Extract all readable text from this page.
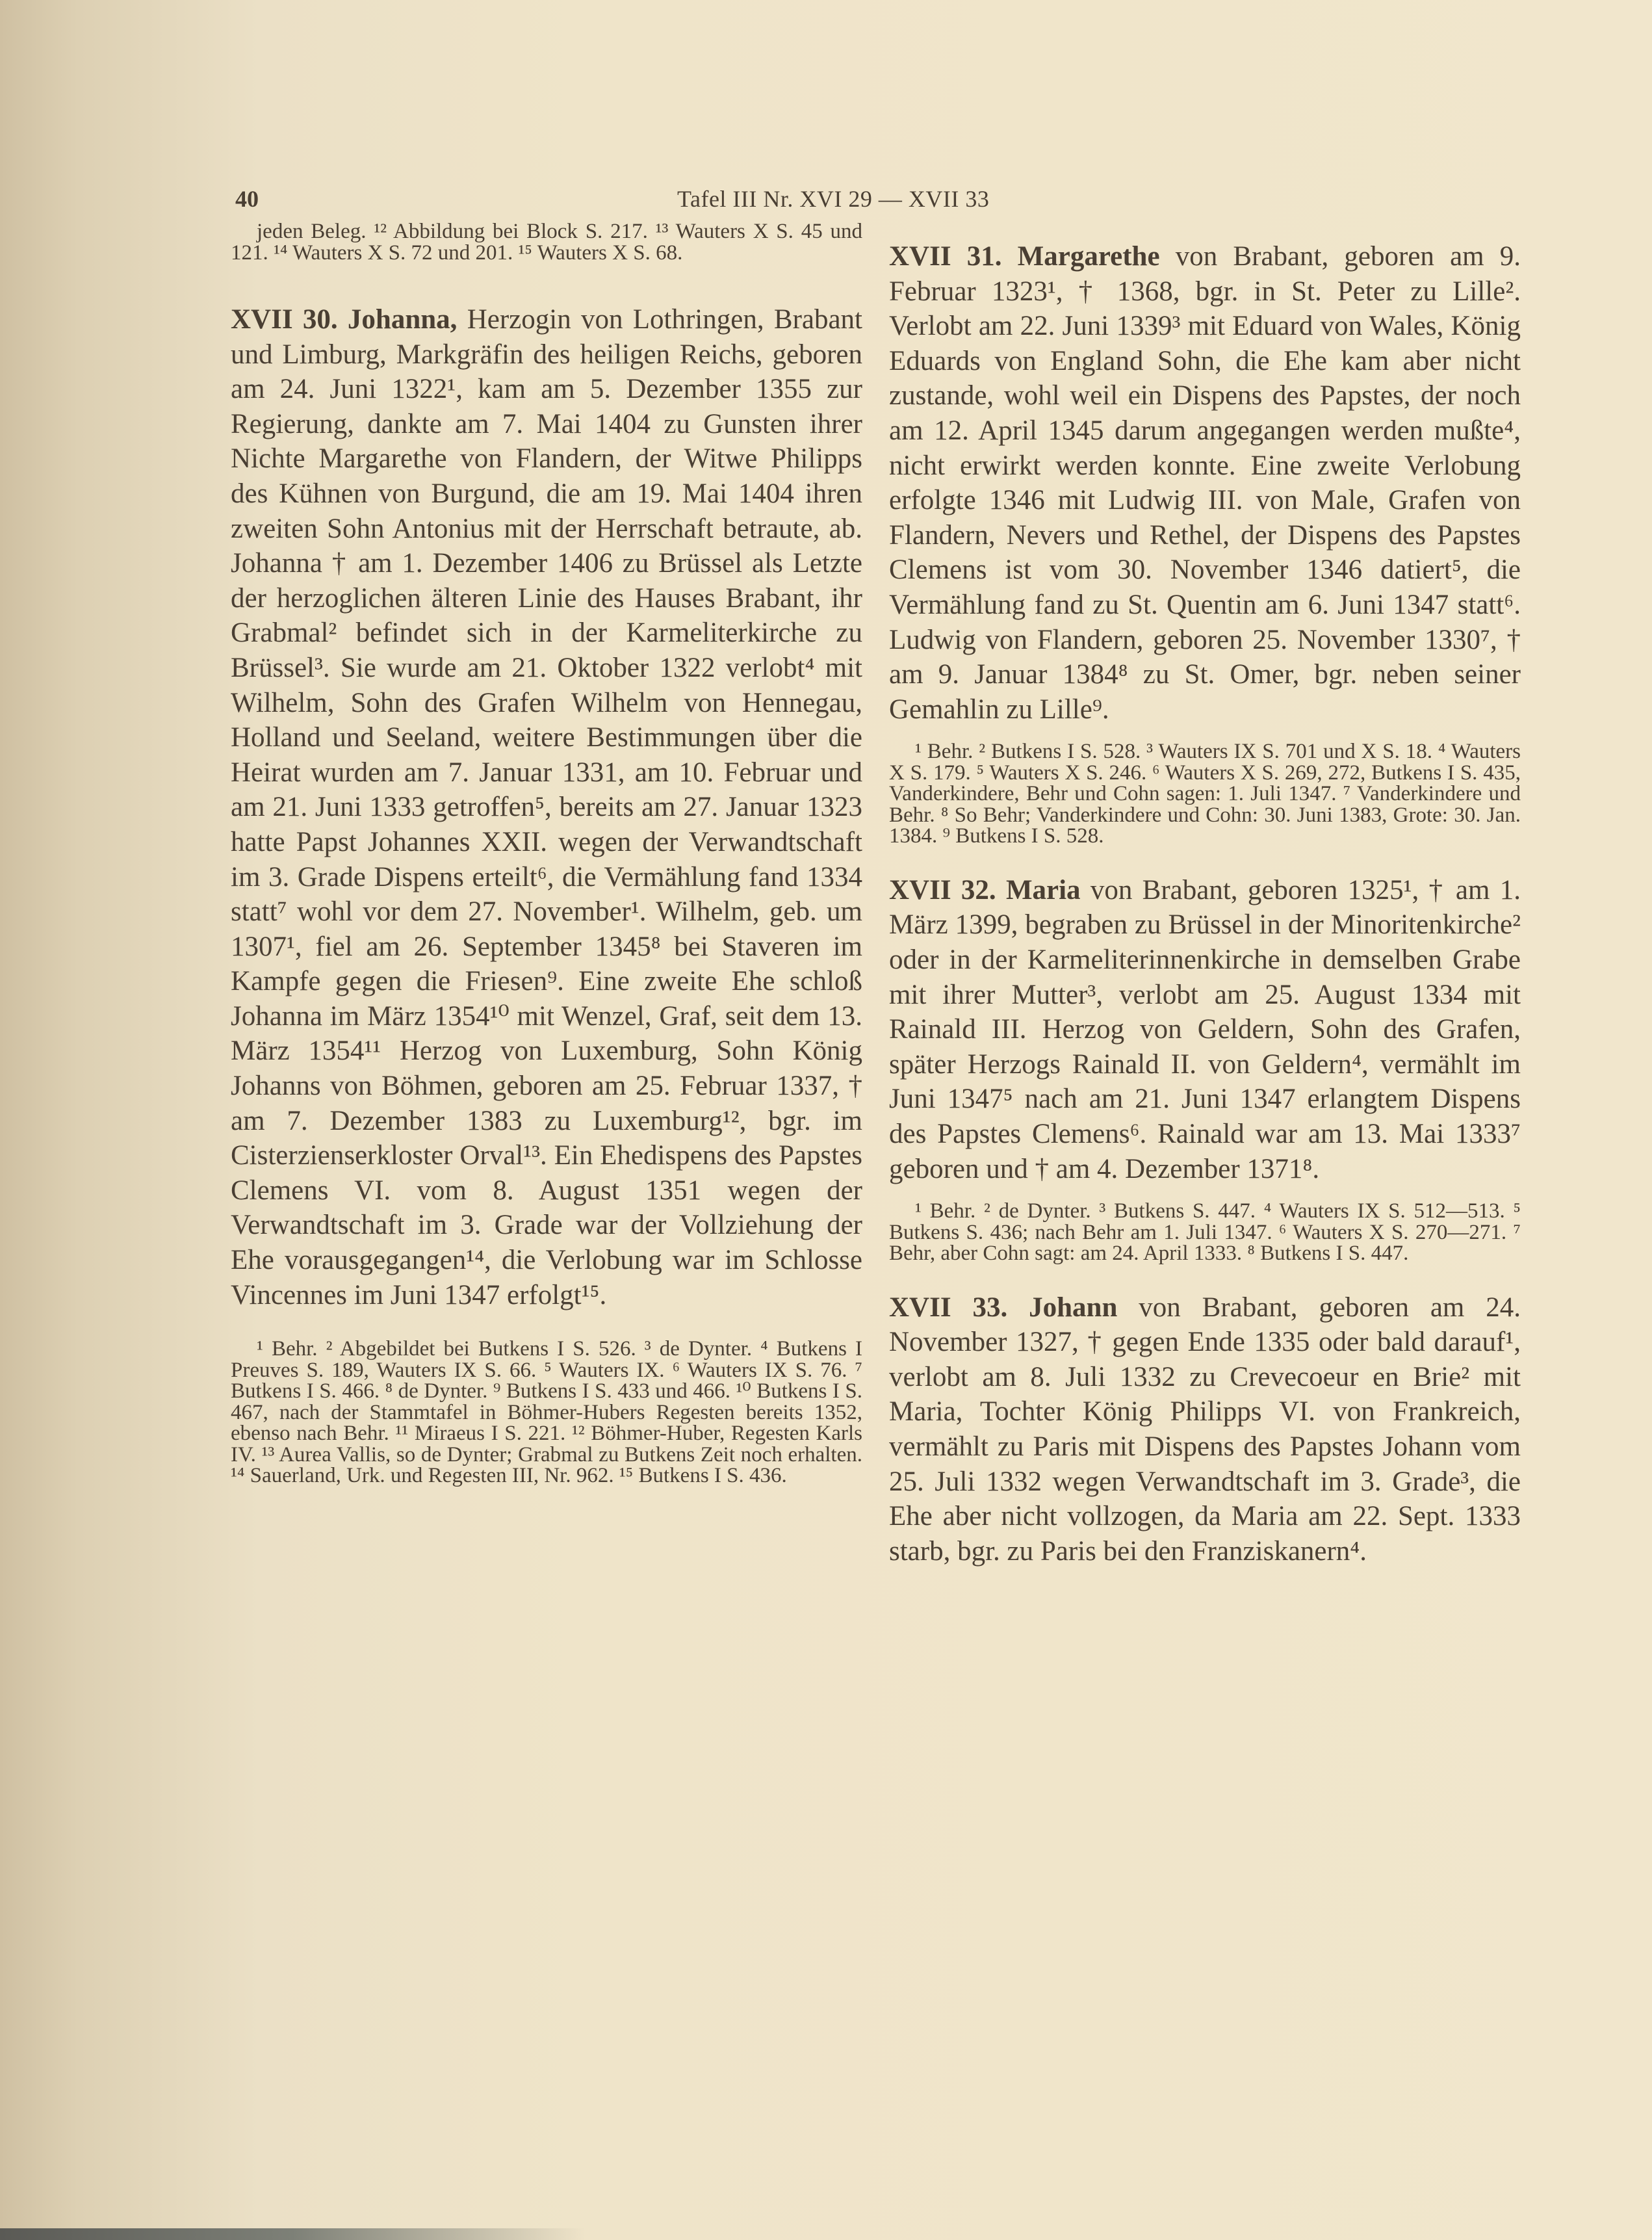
40	Tafel III Nr. XVI 29 — XVII 33

jeden Beleg. ¹² Abbildung bei Block S. 217. ¹³ Wauters X S. 45 und 121. ¹⁴ Wauters X S. 72 und 201. ¹⁵ Wauters X S. 68.

XVII 30. Johanna, Herzogin von Lothringen, Brabant und Limburg, Markgräfin des heiligen Reichs, geboren am 24. Juni 1322¹, kam am 5. Dezember 1355 zur Regierung, dankte am 7. Mai 1404 zu Gunsten ihrer Nichte Margarethe von Flandern, der Witwe Philipps des Kühnen von Burgund, die am 19. Mai 1404 ihren zweiten Sohn Antonius mit der Herrschaft betraute, ab. Johanna † am 1. Dezember 1406 zu Brüssel als Letzte der herzoglichen älteren Linie des Hauses Brabant, ihr Grabmal² befindet sich in der Karmeliterkirche zu Brüssel³. Sie wurde am 21. Oktober 1322 verlobt⁴ mit Wilhelm, Sohn des Grafen Wilhelm von Hennegau, Holland und Seeland, weitere Bestimmungen über die Heirat wurden am 7. Januar 1331, am 10. Februar und am 21. Juni 1333 getroffen⁵, bereits am 27. Januar 1323 hatte Papst Johannes XXII. wegen der Verwandtschaft im 3. Grade Dispens erteilt⁶, die Vermählung fand 1334 statt⁷ wohl vor dem 27. November¹. Wilhelm, geb. um 1307¹, fiel am 26. September 1345⁸ bei Staveren im Kampfe gegen die Friesen⁹. Eine zweite Ehe schloß Johanna im März 1354¹⁰ mit Wenzel, Graf, seit dem 13. März 1354¹¹ Herzog von Luxemburg, Sohn König Johanns von Böhmen, geboren am 25. Februar 1337, † am 7. Dezember 1383 zu Luxemburg¹², bgr. im Cisterzienserkloster Orval¹³. Ein Ehedispens des Papstes Clemens VI. vom 8. August 1351 wegen der Verwandtschaft im 3. Grade war der Vollziehung der Ehe vorausgegangen¹⁴, die Verlobung war im Schlosse Vincennes im Juni 1347 erfolgt¹⁵.

¹ Behr. ² Abgebildet bei Butkens I S. 526. ³ de Dynter. ⁴ Butkens I Preuves S. 189, Wauters IX S. 66. ⁵ Wauters IX. ⁶ Wauters IX S. 76. ⁷ Butkens I S. 466. ⁸ de Dynter. ⁹ Butkens I S. 433 und 466. ¹⁰ Butkens I S. 467, nach der Stammtafel in Böhmer-Hubers Regesten bereits 1352, ebenso nach Behr. ¹¹ Miraeus I S. 221. ¹² Böhmer-Huber, Regesten Karls IV. ¹³ Aurea Vallis, so de Dynter; Grabmal zu Butkens Zeit noch erhalten. ¹⁴ Sauerland, Urk. und Regesten III, Nr. 962. ¹⁵ Butkens I S. 436.

XVII 31. Margarethe von Brabant, geboren am 9. Februar 1323¹, † 1368, bgr. in St. Peter zu Lille². Verlobt am 22. Juni 1339³ mit Eduard von Wales, König Eduards von England Sohn, die Ehe kam aber nicht zustande, wohl weil ein Dispens des Papstes, der noch am 12. April 1345 darum angegangen werden mußte⁴, nicht erwirkt werden konnte. Eine zweite Verlobung erfolgte 1346 mit Ludwig III. von Male, Grafen von Flandern, Nevers und Rethel, der Dispens des Papstes Clemens ist vom 30. November 1346 datiert⁵, die Vermählung fand zu St. Quentin am 6. Juni 1347 statt⁶. Ludwig von Flandern, geboren 25. November 1330⁷, † am 9. Januar 1384⁸ zu St. Omer, bgr. neben seiner Gemahlin zu Lille⁹.

¹ Behr. ² Butkens I S. 528. ³ Wauters IX S. 701 und X S. 18. ⁴ Wauters X S. 179. ⁵ Wauters X S. 246. ⁶ Wauters X S. 269, 272, Butkens I S. 435, Vanderkindere, Behr und Cohn sagen: 1. Juli 1347. ⁷ Vanderkindere und Behr. ⁸ So Behr; Vanderkindere und Cohn: 30. Juni 1383, Grote: 30. Jan. 1384. ⁹ Butkens I S. 528.

XVII 32. Maria von Brabant, geboren 1325¹, † am 1. März 1399, begraben zu Brüssel in der Minoritenkirche² oder in der Karmeliterinnenkirche in demselben Grabe mit ihrer Mutter³, verlobt am 25. August 1334 mit Rainald III. Herzog von Geldern, Sohn des Grafen, später Herzogs Rainald II. von Geldern⁴, vermählt im Juni 1347⁵ nach am 21. Juni 1347 erlangtem Dispens des Papstes Clemens⁶. Rainald war am 13. Mai 1333⁷ geboren und † am 4. Dezember 1371⁸.

¹ Behr. ² de Dynter. ³ Butkens S. 447. ⁴ Wauters IX S. 512—513. ⁵ Butkens S. 436; nach Behr am 1. Juli 1347. ⁶ Wauters X S. 270—271. ⁷ Behr, aber Cohn sagt: am 24. April 1333. ⁸ Butkens I S. 447.

XVII 33. Johann von Brabant, geboren am 24. November 1327, † gegen Ende 1335 oder bald darauf¹, verlobt am 8. Juli 1332 zu Crevecoeur en Brie² mit Maria, Tochter König Philipps VI. von Frankreich, vermählt zu Paris mit Dispens des Papstes Johann vom 25. Juli 1332 wegen Verwandtschaft im 3. Grade³, die Ehe aber nicht vollzogen, da Maria am 22. Sept. 1333 starb, bgr. zu Paris bei den Franziskanern⁴.
